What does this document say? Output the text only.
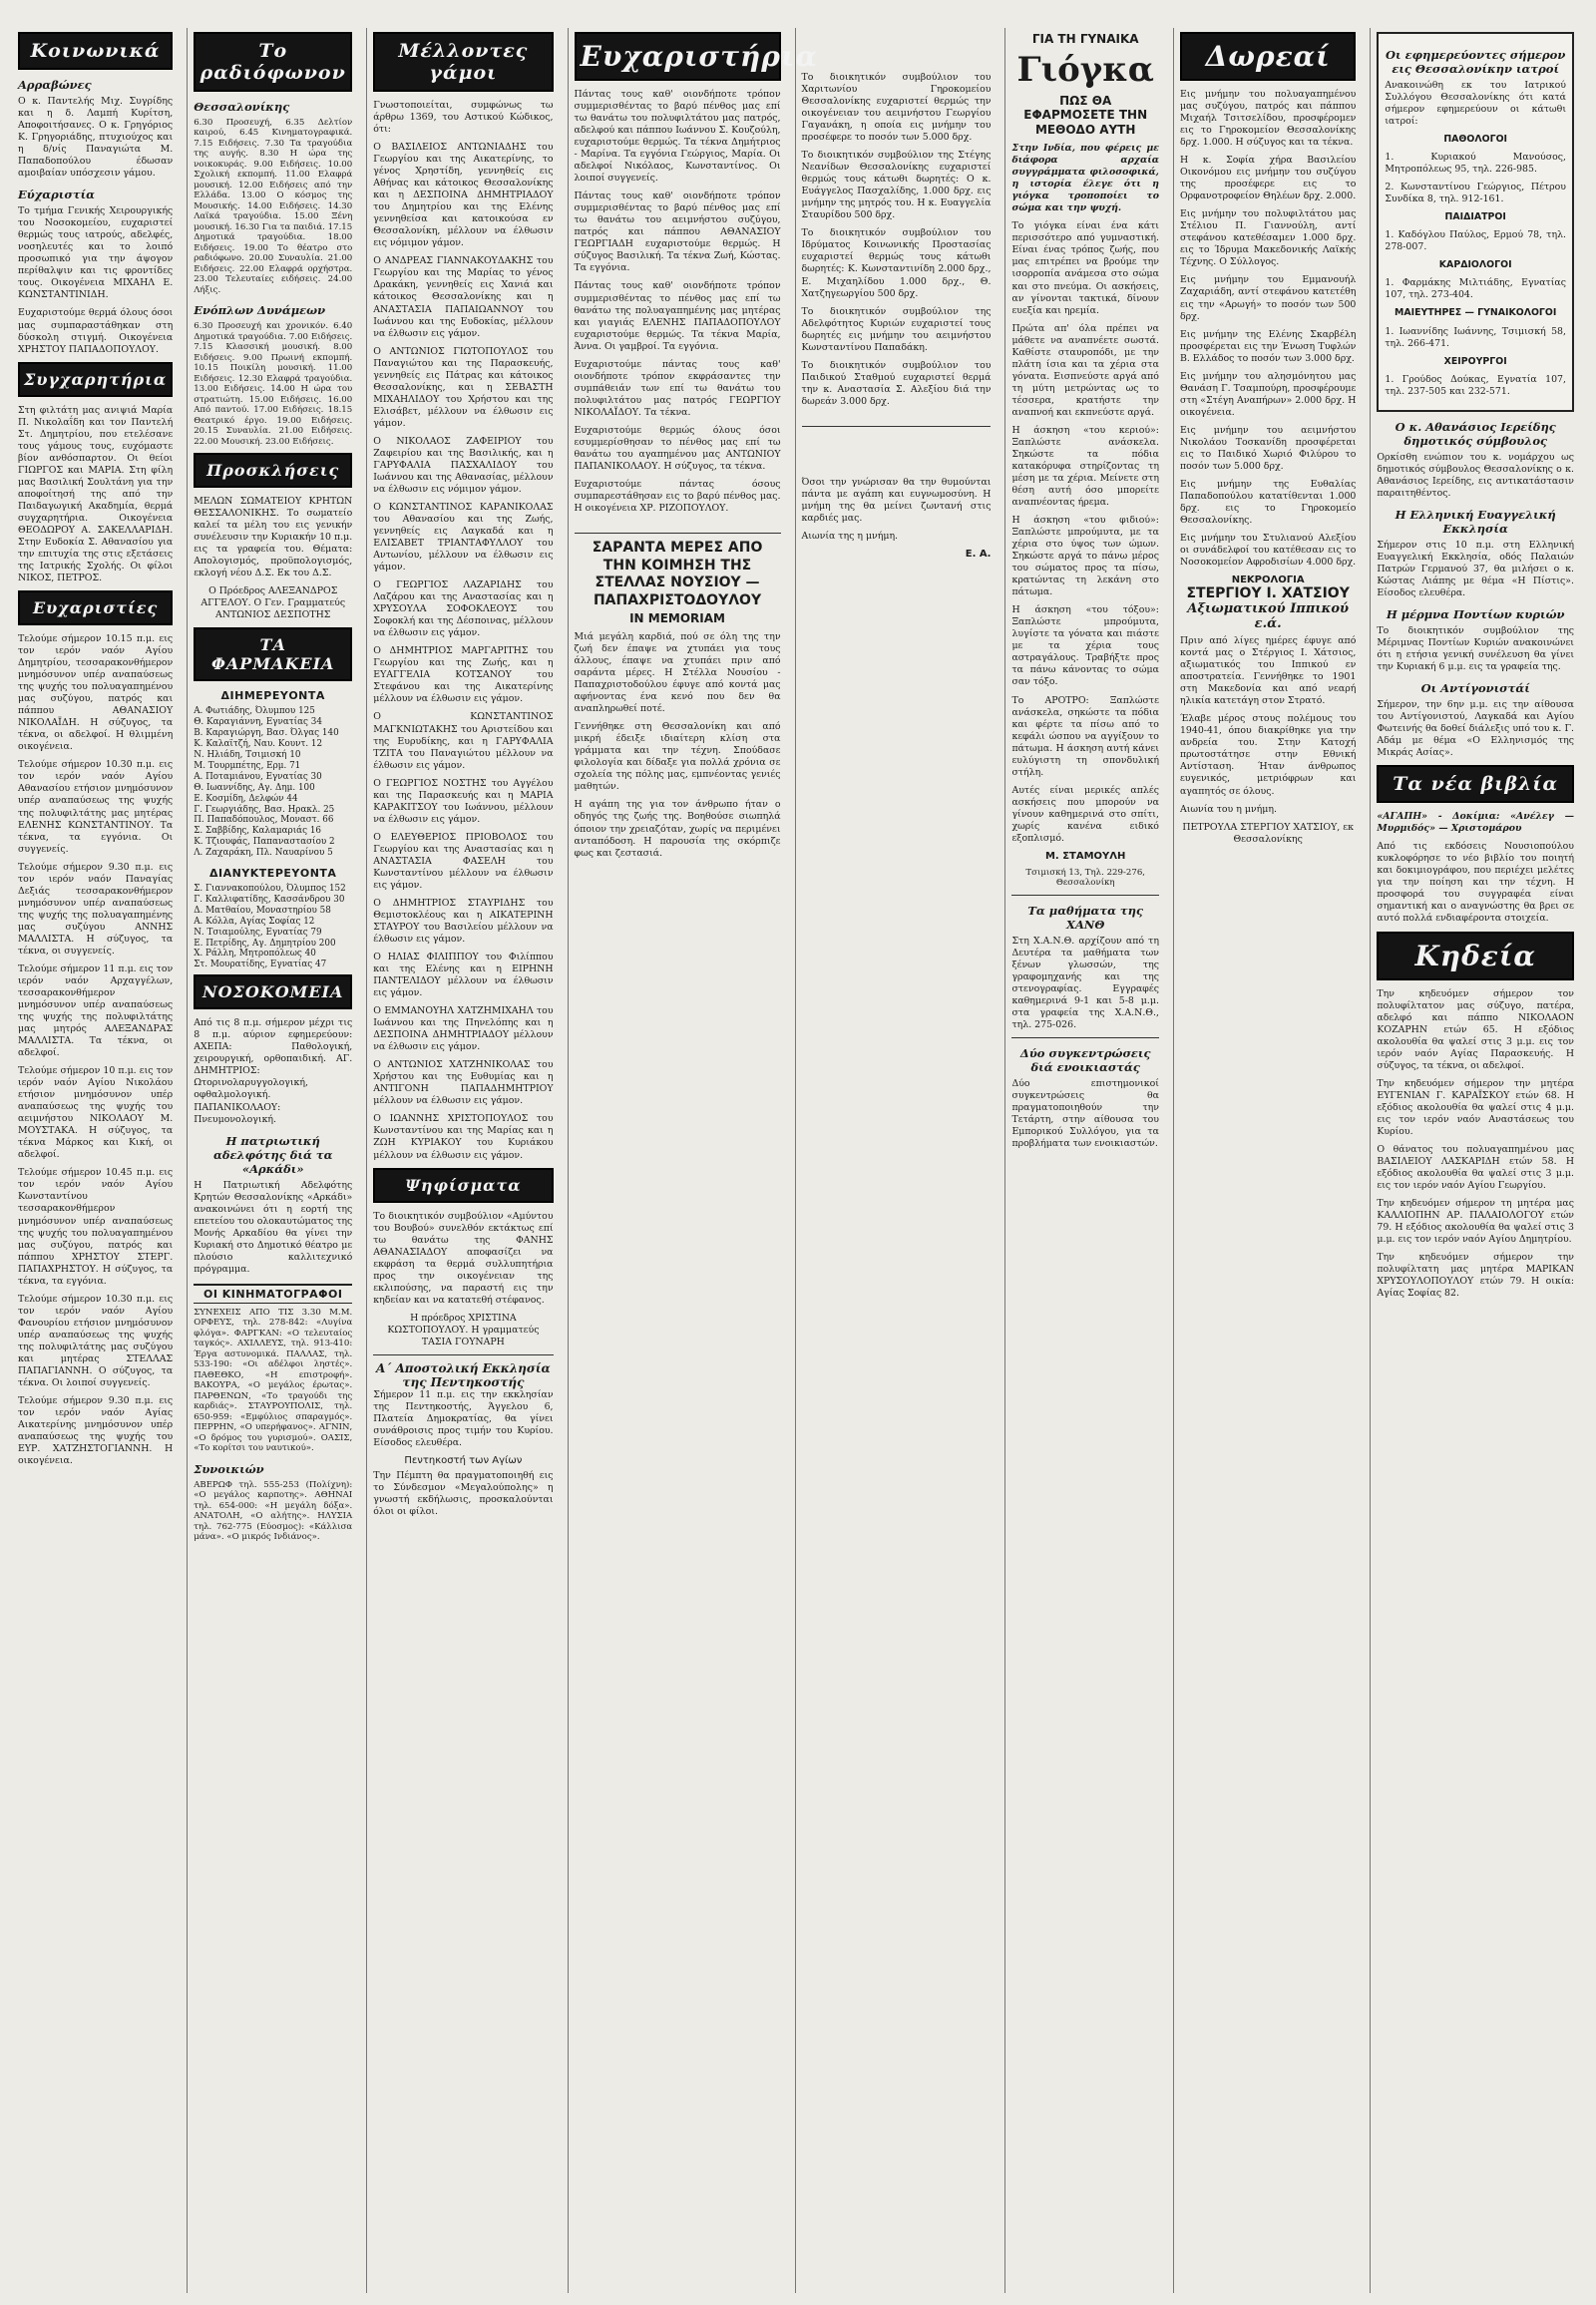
Κοινωνικά
Αρραβώνες

Ο κ. Παντελής Μιχ. Συγρίδης και η δ. Λαμπή Κυρίτση, Αποφοιτήσανες. Ο κ. Γρηγόριος Κ. Γρηγοριάδης, πτυχιούχος και η δ/νίς Παναγιώτα Μ. Παπαδοπούλου έδωσαν αμοιβαίαν υπόσχεσιν γάμου.

Εύχαριστία

Το τμήμα Γενικής Χειρουργικής του Νοσοκομείου, ευχαριστεί θερμώς τους ιατρούς, αδελφές, νοσηλευτές και το λοιπό προσωπικό για την άψογον περίθαλψιν και τις φροντίδες τους. Οικογένεια ΜΙΧΑΗΛ Ε. ΚΩΝΣΤΑΝΤΙΝΙΔΗ.

Ευχαριστούμε θερμά όλους όσοι μας συμπαραστάθηκαν στη δύσκολη στιγμή. Οικογένεια ΧΡΗΣΤΟΥ ΠΑΠΑΔΟΠΟΥΛΟΥ.

Συγχαρητήρια

Στη φιλτάτη μας ανιψιά Μαρία Π. Νικολαΐδη και τον Παντελή Στ. Δημητρίου, που ετελέσανε τους γάμους τους, ευχόμαστε βίον ανθόσπαρτον. Οι θείοι ΓΙΩΡΓΟΣ και ΜΑΡΙΑ. Στη φίλη μας Βασιλική Σουλτάνη για την αποφοίτησή της από την Παιδαγωγική Ακαδημία, θερμά συγχαρητήρια. Οικογένεια ΘΕΟΔΩΡΟΥ Α. ΣΑΚΕΛΛΑΡΙΔΗ. Στην Ευδοκία Σ. Αθανασίου για την επιτυχία της στις εξετάσεις της Ιατρικής Σχολής. Οι φίλοι ΝΙΚΟΣ, ΠΕΤΡΟΣ.

Ευχαριστίες

Τελούμε σήμερον 10.15 π.μ. εις τον ιερόν ναόν Αγίου Δημητρίου, τεσσαρακονθήμερον μνημόσυνον υπέρ αναπαύσεως της ψυχής του πολυαγαπημένου μας συζύγου, πατρός και πάππου ΑΘΑΝΑΣΙΟΥ ΝΙΚΟΛΑΪΔΗ. Η σύζυγος, τα τέκνα, οι αδελφοί. Η θλιμμένη οικογένεια.

Τελούμε σήμερον 10.30 π.μ. εις τον ιερόν ναόν Αγίου Αθανασίου ετήσιον μνημόσυνον υπέρ αναπαύσεως της ψυχής της πολυφιλτάτης μας μητέρας ΕΛΕΝΗΣ ΚΩΝΣΤΑΝΤΙΝΟΥ. Τα τέκνα, τα εγγόνια. Οι συγγενείς.

Τελούμε σήμερον 9.30 π.μ. εις τον ιερόν ναόν Παναγίας Δεξιάς τεσσαρακονθήμερον μνημόσυνον υπέρ αναπαύσεως της ψυχής της πολυαγαπημένης μας συζύγου ΑΝΝΗΣ ΜΑΛΛΙΣΤΑ. Η σύζυγος, τα τέκνα, οι συγγενείς.

Τελούμε σήμερον 11 π.μ. εις τον ιερόν ναόν Αρχαγγέλων, τεσσαρακονθήμερον μνημόσυνον υπέρ αναπαύσεως της ψυχής της πολυφιλτάτης μας μητρός ΑΛΕΞΑΝΔΡΑΣ ΜΑΛΛΙΣΤΑ. Τα τέκνα, οι αδελφοί.

Τελούμε σήμερον 10 π.μ. εις τον ιερόν ναόν Αγίου Νικολάου ετήσιον μνημόσυνον υπέρ αναπαύσεως της ψυχής του αειμνήστου ΝΙΚΟΛΑΟΥ Μ. ΜΟΥΣΤΑΚΑ. Η σύζυγος, τα τέκνα Μάρκος και Κική, οι αδελφοί.

Τελούμε σήμερον 10.45 π.μ. εις τον ιερόν ναόν Αγίου Κωνσταντίνου τεσσαρακονθήμερον μνημόσυνον υπέρ αναπαύσεως της ψυχής του πολυαγαπημένου μας συζύγου, πατρός και πάππου ΧΡΗΣΤΟΥ ΣΤΕΡΓ. ΠΑΠΑΧΡΗΣΤΟΥ. Η σύζυγος, τα τέκνα, τα εγγόνια.

Τελούμε σήμερον 10.30 π.μ. εις τον ιερόν ναόν Αγίου Φανουρίου ετήσιον μνημόσυνον υπέρ αναπαύσεως της ψυχής της πολυφιλτάτης μας συζύγου και μητέρας ΣΤΕΛΛΑΣ ΠΑΠΑΓΙΑΝΝΗ. Ο σύζυγος, τα τέκνα. Οι λοιποί συγγενείς.

Τελούμε σήμερον 9.30 π.μ. εις τον ιερόν ναόν Αγίας Αικατερίνης μνημόσυνον υπέρ αναπαύσεως της ψυχής του ΕΥΡ. ΧΑΤΖΗΣΤΟΓΙΑΝΝΗ. Η οικογένεια.

Το ραδιόφωνον
Θεσσαλονίκης

6.30 Προσευχή, 6.35 Δελτίον καιρού, 6.45 Κινηματογραφικά. 7.15 Ειδήσεις. 7.30 Τα τραγούδια της αυγής. 8.30 Η ώρα της νοικοκυράς. 9.00 Ειδήσεις. 10.00 Σχολική εκπομπή. 11.00 Ελαφρά μουσική. 12.00 Ειδήσεις από την Ελλάδα. 13.00 Ο κόσμος της Μουσικής. 14.00 Ειδήσεις. 14.30 Λαϊκά τραγούδια. 15.00 Ξένη μουσική. 16.30 Για τα παιδιά. 17.15 Δημοτικά τραγούδια. 18.00 Ειδήσεις. 19.00 Το θέατρο στο ραδιόφωνο. 20.00 Συναυλία. 21.00 Ειδήσεις. 22.00 Ελαφρά ορχήστρα. 23.00 Τελευταίες ειδήσεις. 24.00 Λήξις.

Ενόπλων Δυνάμεων

6.30 Προσευχή και χρονικόν. 6.40 Δημοτικά τραγούδια. 7.00 Ειδήσεις. 7.15 Κλασσική μουσική. 8.00 Ειδήσεις. 9.00 Πρωινή εκπομπή. 10.15 Ποικίλη μουσική. 11.00 Ειδήσεις. 12.30 Ελαφρά τραγούδια. 13.00 Ειδήσεις. 14.00 Η ώρα του στρατιώτη. 15.00 Ειδήσεις. 16.00 Από παντού. 17.00 Ειδήσεις. 18.15 Θεατρικό έργο. 19.00 Ειδήσεις. 20.15 Συναυλία. 21.00 Ειδήσεις. 22.00 Μουσική. 23.00 Ειδήσεις.

Προσκλήσεις

ΜΕΛΩΝ ΣΩΜΑΤΕΙΟΥ ΚΡΗΤΩΝ ΘΕΣΣΑΛΟΝΙΚΗΣ. Το σωματείο καλεί τα μέλη του εις γενικήν συνέλευσιν την Κυριακήν 10 π.μ. εις τα γραφεία του. Θέματα: Απολογισμός, προϋπολογισμός, εκλογή νέου Δ.Σ. Εκ του Δ.Σ.

Ο Πρόεδρος ΑΛΕΞΑΝΔΡΟΣ ΑΓΓΕΛΟΥ. Ο Γεν. Γραμματεύς ΑΝΤΩΝΙΟΣ ΔΕΣΠΟΤΗΣ

ΤΑ ΦΑΡΜΑΚΕΙΑ
ΔΙΗΜΕΡΕΥΟΝΤΑ

Α. Φωτιάδης, Όλυμπου 125

Θ. Καραγιάννη, Εγνατίας 34

Β. Καραγιώργη, Βασ. Όλγας 140

Κ. Καλαϊτζή, Ναυ. Κουντ. 12

Ν. Ηλιάδη, Τσιμισκή 10

Μ. Τουρμπέτης, Ερμ. 71

Α. Ποταμιάνου, Εγνατίας 30

Θ. Ιωαννίδης, Αγ. Δημ. 100

Ε. Κοσμίδη, Δελφών 44

Γ. Γεωργιάδης, Βασ. Ηρακλ. 25

Π. Παπαδόπουλος, Μοναστ. 66

Σ. Σαββίδης, Καλαμαριάς 16

Κ. Τζιουφάς, Παπαναστασίου 2

Λ. Ζαχαράκη, Πλ. Ναυαρίνου 5

ΔΙΑΝΥΚΤΕΡΕΥΟΝΤΑ

Σ. Γιαννακοπούλου, Όλυμπος 152

Γ. Καλλιφατίδης, Κασσάνδρου 30

Δ. Ματθαίου, Μοναστηρίου 58

Α. Κόλλα, Αγίας Σοφίας 12

Ν. Τσιαμούλης, Εγνατίας 79

Ε. Πετρίδης, Αγ. Δημητρίου 200

Χ. Ράλλη, Μητροπόλεως 40

Στ. Μουρατίδης, Εγνατίας 47

ΝΟΣΟΚΟΜΕΙΑ

Από τις 8 π.μ. σήμερον μέχρι τις 8 π.μ. αύριον εφημερεύουν: ΑΧΕΠΑ: Παθολογική, χειρουργική, ορθοπαιδική. ΑΓ. ΔΗΜΗΤΡΙΟΣ: Ωτορινολαρυγγολογική, οφθαλμολογική. ΠΑΠΑΝΙΚΟΛΑΟΥ: Πνευμονολογική.

Η πατριωτική αδελφότης διά τα «Αρκάδι»

Η Πατριωτική Αδελφότης Κρητών Θεσσαλονίκης «Αρκάδι» ανακοινώνει ότι η εορτή της επετείου του ολοκαυτώματος της Μονής Αρκαδίου θα γίνει την Κυριακή στο Δημοτικό θέατρο με πλούσιο καλλιτεχνικό πρόγραμμα.

ΟΙ ΚΙΝΗΜΑΤΟΓΡΑΦΟΙ

ΣΥΝΕΧΕΙΣ ΑΠΟ ΤΙΣ 3.30 Μ.Μ. ΟΡΦΕΥΣ, τηλ. 278-842: «Λυγίνα φλόγα». ΦΑΡΓΚΑΝ: «Ο τελευταίος ταγκός». ΑΧΙΛΛΕΥΣ, τηλ. 913-410: Έργα αστυνομικά. ΠΑΛΛΑΣ, τηλ. 533-190: «Οι αδέλφοι ληστές». ΠΑΘΕΘΚΟ, «Η επιστροφή». ΒΑΚΟΥΡΑ, «Ο μεγάλος έρωτας». ΠΑΡΘΕΝΩΝ, «Το τραγούδι της καρδιάς». ΣΤΑΥΡΟΥΠΟΛΙΣ, τηλ. 650-959: «Εμφύλιος σπαραγμός». ΠΕΡΡΗΝ, «Ο υπερήφανος». ΑΓΝΙΝ, «Ο δρόμος του γυρισμού». ΟΑΣΙΣ, «Το κορίτσι του ναυτικού».

Συνοικιών

ΑΒΕΡΩΦ τηλ. 555-253 (Πολίχνη): «Ο μεγάλος καρποτης». ΑΘΗΝΑΙ τηλ. 654-000: «Η μεγάλη δόξα». ΑΝΑΤΟΛΗ, «Ο αλήτης». ΗΛΥΣΙΑ τηλ. 762-775 (Εύοσμος): «Κάλλισα μάνα». «Ο μικρός Ινδιάνος».

Μέλλοντες γάμοι

Γνωστοποιείται, συμφώνως τω άρθρω 1369, του Αστικού Κώδικος, ότι:

Ο ΒΑΣΙΛΕΙΟΣ ΑΝΤΩΝΙΑΔΗΣ του Γεωργίου και της Αικατερίνης, το γένος Χρηστίδη, γεννηθείς εις Αθήνας και κάτοικος Θεσσαλονίκης και η ΔΕΣΠΟΙΝΑ ΔΗΜΗΤΡΙΑΔΟΥ του Δημητρίου και της Ελένης γεννηθείσα και κατοικούσα εν Θεσσαλονίκη, μέλλουν να έλθωσιν εις νόμιμον γάμον.

Ο ΑΝΔΡΕΑΣ ΓΙΑΝΝΑΚΟΥΔΑΚΗΣ του Γεωργίου και της Μαρίας το γένος Δρακάκη, γεννηθείς εις Χανιά και κάτοικος Θεσσαλονίκης και η ΑΝΑΣΤΑΣΙΑ ΠΑΠΑΙΩΑΝΝΟΥ του Ιωάννου και της Ευδοκίας, μέλλουν να έλθωσιν εις γάμον.

Ο ΑΝΤΩΝΙΟΣ ΓΙΩΤΟΠΟΥΛΟΣ του Παναγιώτου και της Παρασκευής, γεννηθείς εις Πάτρας και κάτοικος Θεσσαλονίκης, και η ΣΕΒΑΣΤΗ ΜΙΧΑΗΛΙΔΟΥ του Χρήστου και της Ελισάβετ, μέλλουν να έλθωσιν εις γάμον.

Ο ΝΙΚΟΛΑΟΣ ΖΑΦΕΙΡΙΟΥ του Ζαφειρίου και της Βασιλικής, και η ΓΑΡΥΦΑΛΙΑ ΠΑΣΧΑΛΙΔΟΥ του Ιωάννου και της Αθανασίας, μέλλουν να έλθωσιν εις νόμιμον γάμον.

Ο ΚΩΝΣΤΑΝΤΙΝΟΣ ΚΑΡΑΝΙΚΟΛΑΣ του Αθανασίου και της Ζωής, γεννηθείς εις Λαγκαδά και η ΕΛΙΣΑΒΕΤ ΤΡΙΑΝΤΑΦΥΛΛΟΥ του Αντωνίου, μέλλουν να έλθωσιν εις γάμον.

Ο ΓΕΩΡΓΙΟΣ ΛΑΖΑΡΙΔΗΣ του Λαζάρου και της Αναστασίας και η ΧΡΥΣΟΥΛΑ ΣΟΦΟΚΛΕΟΥΣ του Σοφοκλή και της Δέσποινας, μέλλουν να έλθωσιν εις γάμον.

Ο ΔΗΜΗΤΡΙΟΣ ΜΑΡΓΑΡΙΤΗΣ του Γεωργίου και της Ζωής, και η ΕΥΑΓΓΕΛΙΑ ΚΟΤΣΑΝΟΥ του Στεφάνου και της Αικατερίνης μέλλουν να έλθωσιν εις γάμον.

Ο ΚΩΝΣΤΑΝΤΙΝΟΣ ΜΑΓΚΝΙΩΤΑΚΗΣ του Αριστείδου και της Ευρυδίκης, και η ΓΑΡΥΦΑΛΙΑ ΤΖΙΤΑ του Παναγιώτου μέλλουν να έλθωσιν εις γάμον.

Ο ΓΕΩΡΓΙΟΣ ΝΟΣΤΗΣ του Αγγέλου και της Παρασκευής και η ΜΑΡΙΑ ΚΑΡΑΚΙΤΣΟΥ του Ιωάννου, μέλλουν να έλθωσιν εις γάμον.

Ο ΕΛΕΥΘΕΡΙΟΣ ΠΡΙΟΒΟΛΟΣ του Γεωργίου και της Αναστασίας και η ΑΝΑΣΤΑΣΙΑ ΦΑΣΕΛΗ του Κωνσταντίνου μέλλουν να έλθωσιν εις γάμον.

Ο ΔΗΜΗΤΡΙΟΣ ΣΤΑΥΡΙΔΗΣ του Θεμιστοκλέους και η ΑΙΚΑΤΕΡΙΝΗ ΣΤΑΥΡΟΥ του Βασιλείου μέλλουν να έλθωσιν εις γάμον.

Ο ΗΛΙΑΣ ΦΙΛΙΠΠΟΥ του Φιλίππου και της Ελένης και η ΕΙΡΗΝΗ ΠΑΝΤΕΛΙΔΟΥ μέλλουν να έλθωσιν εις γάμον.

Ο ΕΜΜΑΝΟΥΗΛ ΧΑΤΖΗΜΙΧΑΗΛ του Ιωάννου και της Πηνελόπης και η ΔΕΣΠΟΙΝΑ ΔΗΜΗΤΡΙΑΔΟΥ μέλλουν να έλθωσιν εις γάμον.

Ο ΑΝΤΩΝΙΟΣ ΧΑΤΖΗΝΙΚΟΛΑΣ του Χρήστου και της Ευθυμίας και η ΑΝΤΙΓΟΝΗ ΠΑΠΑΔΗΜΗΤΡΙΟΥ μέλλουν να έλθωσιν εις γάμον.

Ο ΙΩΑΝΝΗΣ ΧΡΙΣΤΟΠΟΥΛΟΣ του Κωνσταντίνου και της Μαρίας και η ΖΩΗ ΚΥΡΙΑΚΟΥ του Κυριάκου μέλλουν να έλθωσιν εις γάμον.

Ψηφίσματα

Το διοικητικόν συμβούλιον «Αμύντου του Βουβού» συνελθόν εκτάκτως επί τω θανάτω της ΦΑΝΗΣ ΑΘΑΝΑΣΙΑΔΟΥ αποφασίζει να εκφράση τα θερμά συλλυπητήρια προς την οικογένειαν της εκλιπούσης, να παραστή εις την κηδείαν και να κατατεθή στέφανος.

Η πρόεδρος ΧΡΙΣΤΙΝΑ ΚΩΣΤΟΠΟΥΛΟΥ. Η γραμματεύς ΤΑΣΙΑ ΓΟΥΝΑΡΗ

Α΄ Αποστολική Εκκλησία της Πεντηκοστής

Σήμερον 11 π.μ. εις την εκκλησίαν της Πεντηκοστής, Άγγελου 6, Πλατεία Δημοκρατίας, θα γίνει συνάθροισις προς τιμήν του Κυρίου. Είσοδος ελευθέρα.

Πεντηκοστή των Αγίων

Την Πέμπτη θα πραγματοποιηθή εις το Σύνδεσμον «Μεγαλούπολης» η γνωστή εκδήλωσις, προσκαλούνται όλοι οι φίλοι.

Ευχαριστήρια

Πάντας τους καθ' οιονδήποτε τρόπον συμμερισθέντας το βαρύ πένθος μας επί τω θανάτω του πολυφιλτάτου μας πατρός, αδελφού και πάππου Ιωάννου Σ. Κουζούλη, ευχαριστούμε θερμώς. Τα τέκνα Δημήτριος - Μαρίνα. Τα εγγόνια Γεώργιος, Μαρία. Οι αδελφοί Νικόλαος, Κωνσταντίνος. Οι λοιποί συγγενείς.

Πάντας τους καθ' οιονδήποτε τρόπον συμμερισθέντας το βαρύ πένθος μας επί τω θανάτω του αειμνήστου συζύγου, πατρός και πάππου ΑΘΑΝΑΣΙΟΥ ΓΕΩΡΓΙΑΔΗ ευχαριστούμε θερμώς. Η σύζυγος Βασιλική. Τα τέκνα Ζωή, Κώστας. Τα εγγόνια.

Πάντας τους καθ' οιονδήποτε τρόπον συμμερισθέντας το πένθος μας επί τω θανάτω της πολυαγαπημένης μας μητέρας και γιαγιάς ΕΛΕΝΗΣ ΠΑΠΑΔΟΠΟΥΛΟΥ ευχαριστούμε θερμώς. Τα τέκνα Μαρία, Άννα. Οι γαμβροί. Τα εγγόνια.

Ευχαριστούμε πάντας τους καθ' οιονδήποτε τρόπον εκφράσαντες την συμπάθειάν των επί τω θανάτω του πολυφιλτάτου μας πατρός ΓΕΩΡΓΙΟΥ ΝΙΚΟΛΑΪΔΟΥ. Τα τέκνα.

Ευχαριστούμε θερμώς όλους όσοι εσυμμερίσθησαν το πένθος μας επί τω θανάτω του αγαπημένου μας ΑΝΤΩΝΙΟΥ ΠΑΠΑΝΙΚΟΛΑΟΥ. Η σύζυγος, τα τέκνα.

Ευχαριστούμε πάντας όσους συμπαρεστάθησαν εις το βαρύ πένθος μας. Η οικογένεια ΧΡ. ΡΙΖΟΠΟΥΛΟΥ.

ΣΑΡΑΝΤΑ ΜΕΡΕΣ ΑΠΟ ΤΗΝ ΚΟΙΜΗΣΗ ΤΗΣ ΣΤΕΛΛΑΣ ΝΟΥΣΙΟΥ — ΠΑΠΑΧΡΙΣΤΟΔΟΥΛΟΥ
IN MEMORIAM

Μιά μεγάλη καρδιά, πού σε όλη της την ζωή δεν έπαψε να χτυπάει για τους άλλους, έπαψε να χτυπάει πριν από σαράντα μέρες. Η Στέλλα Νουσίου - Παπαχριστοδούλου έφυγε από κοντά μας αφήνοντας ένα κενό που δεν θα αναπληρωθεί ποτέ.

Γεννήθηκε στη Θεσσαλονίκη και από μικρή έδειξε ιδιαίτερη κλίση στα γράμματα και την τέχνη. Σπούδασε φιλολογία και δίδαξε για πολλά χρόνια σε σχολεία της πόλης μας, εμπνέοντας γενιές μαθητών.

Η αγάπη της για τον άνθρωπο ήταν ο οδηγός της ζωής της. Βοηθούσε σιωπηλά όποιον την χρειαζόταν, χωρίς να περιμένει ανταπόδοση. Η παρουσία της σκόρπιζε φως και ζεστασιά.

Το διοικητικόν συμβούλιον του Χαριτωνίου Γηροκομείου Θεσσαλονίκης ευχαριστεί θερμώς την οικογένειαν του αειμνήστου Γεωργίου Γαγανάκη, η οποία εις μνήμην του προσέφερε το ποσόν των 5.000 δρχ.

Το διοικητικόν συμβούλιον της Στέγης Νεανίδων Θεσσαλονίκης ευχαριστεί θερμώς τους κάτωθι δωρητές: Ο κ. Ευάγγελος Πασχαλίδης, 1.000 δρχ. εις μνήμην της μητρός του. Η κ. Ευαγγελία Σταυρίδου 500 δρχ.

Το διοικητικόν συμβούλιον του Ιδρύματος Κοινωνικής Προστασίας ευχαριστεί θερμώς τους κάτωθι δωρητές: Κ. Κωνσταντινίδη 2.000 δρχ., Ε. Μιχαηλίδου 1.000 δρχ., Θ. Χατζηγεωργίου 500 δρχ.

Το διοικητικόν συμβούλιον της Αδελφότητος Κυριών ευχαριστεί τους δωρητές εις μνήμην του αειμνήστου Κωνσταντίνου Παπαδάκη.

Το διοικητικόν συμβούλιον του Παιδικού Σταθμού ευχαριστεί θερμά την κ. Αναστασία Σ. Αλεξίου διά την δωρεάν 3.000 δρχ.

Όσοι την γνώρισαν θα την θυμούνται πάντα με αγάπη και ευγνωμοσύνη. Η μνήμη της θα μείνει ζωντανή στις καρδιές μας.

Αιωνία της η μνήμη.

Ε. Α.
ΓΙΑ ΤΗ ΓΥΝΑΙΚΑ
Γιόγκα
ΠΩΣ ΘΑ ΕΦΑΡΜΟΣΕΤΕ ΤΗΝ ΜΕΘΟΔΟ ΑΥΤΗ

Στην Ινδία, που φέρεις με διάφορα αρχαία συγγράμματα φιλοσοφικά, η ιστορία έλεγε ότι η γιόγκα τροποποίει το σώμα και την ψυχή.

Το γιόγκα είναι ένα κάτι περισσότερο από γυμναστική. Είναι ένας τρόπος ζωής, που μας επιτρέπει να βρούμε την ισορροπία ανάμεσα στο σώμα και στο πνεύμα. Οι ασκήσεις, αν γίνονται τακτικά, δίνουν ευεξία και ηρεμία.

Πρώτα απ' όλα πρέπει να μάθετε να αναπνέετε σωστά. Καθίστε σταυροπόδι, με την πλάτη ίσια και τα χέρια στα γόνατα. Εισπνεύστε αργά από τη μύτη μετρώντας ως το τέσσερα, κρατήστε την αναπνοή και εκπνεύστε αργά.

Η άσκηση «του κεριού»: Ξαπλώστε ανάσκελα. Σηκώστε τα πόδια κατακόρυφα στηρίζοντας τη μέση με τα χέρια. Μείνετε στη θέση αυτή όσο μπορείτε αναπνέοντας ήρεμα.

Η άσκηση «του φιδιού»: Ξαπλώστε μπρούμυτα, με τα χέρια στο ύψος των ώμων. Σηκώστε αργά το πάνω μέρος του σώματος προς τα πίσω, κρατώντας τη λεκάνη στο πάτωμα.

Η άσκηση «του τόξου»: Ξαπλώστε μπρούμυτα, λυγίστε τα γόνατα και πιάστε με τα χέρια τους αστραγάλους. Τραβήξτε προς τα πάνω κάνοντας το σώμα σαν τόξο.

Το ΑΡΟΤΡΟ: Ξαπλώστε ανάσκελα, σηκώστε τα πόδια και φέρτε τα πίσω από το κεφάλι ώσπου να αγγίξουν το πάτωμα. Η άσκηση αυτή κάνει ευλύγιστη τη σπονδυλική στήλη.

Αυτές είναι μερικές απλές ασκήσεις που μπορούν να γίνουν καθημερινά στο σπίτι, χωρίς κανένα ειδικό εξοπλισμό.

Μ. ΣΤΑΜΟΥΛΗ

Τσιμισκή 13, Τηλ. 229-276, Θεσσαλονίκη

Τα μαθήματα της ΧΑΝΘ

Στη Χ.Α.Ν.Θ. αρχίζουν από τη Δευτέρα τα μαθήματα των ξένων γλωσσών, της γραφομηχανής και της στενογραφίας. Εγγραφές καθημερινά 9-1 και 5-8 μ.μ. στα γραφεία της Χ.Α.Ν.Θ., τηλ. 275-026.

Δύο συγκεντρώσεις διά ενοικιαστάς

Δύο επιστημονικοί συγκεντρώσεις θα πραγματοποιηθούν την Τετάρτη, στην αίθουσα του Εμπορικού Συλλόγου, για τα προβλήματα των ενοικιαστών.

Δωρεαί

Εις μνήμην του πολυαγαπημένου μας συζύγου, πατρός και πάππου Μιχαήλ Τσιτσελίδου, προσφέρομεν εις το Γηροκομείον Θεσσαλονίκης δρχ. 1.000. Η σύζυγος και τα τέκνα.

Η κ. Σοφία χήρα Βασιλείου Οικονόμου εις μνήμην του συζύγου της προσέφερε εις το Ορφανοτροφείον Θηλέων δρχ. 2.000.

Εις μνήμην του πολυφιλτάτου μας Στέλιου Π. Γιαννούλη, αντί στεφάνου κατεθέσαμεν 1.000 δρχ. εις το Ίδρυμα Μακεδονικής Λαϊκής Τέχνης. Ο Σύλλογος.

Εις μνήμην του Εμμανουήλ Ζαχαριάδη, αντί στεφάνου κατετέθη εις την «Αρωγή» το ποσόν των 500 δρχ.

Εις μνήμην της Ελένης Σκαρβέλη προσφέρεται εις την Ένωση Τυφλών Β. Ελλάδος το ποσόν των 3.000 δρχ.

Εις μνήμην του αλησμόνητου μας Θανάση Γ. Τσαμπούρη, προσφέρουμε στη «Στέγη Αναπήρων» 2.000 δρχ. Η οικογένεια.

Εις μνήμην του αειμνήστου Νικολάου Τοσκανίδη προσφέρεται εις το Παιδικό Χωριό Φιλύρου το ποσόν των 5.000 δρχ.

Εις μνήμην της Ευθαλίας Παπαδοπούλου κατατίθενται 1.000 δρχ. εις το Γηροκομείο Θεσσαλονίκης.

Εις μνήμην του Στυλιανού Αλεξίου οι συνάδελφοί του κατέθεσαν εις το Νοσοκομείον Αφροδισίων 4.000 δρχ.

ΝΕΚΡΟΛΟΓΙΑ
ΣΤΕΡΓΙΟΥ Ι. ΧΑΤΣΙΟΥ
Αξιωματικού Ιππικού ε.ά.

Πριν από λίγες ημέρες έφυγε από κοντά μας ο Στέργιος Ι. Χάτσιος, αξιωματικός του Ιππικού εν αποστρατεία. Γεννήθηκε το 1901 στη Μακεδονία και από νεαρή ηλικία κατετάγη στον Στρατό.

Έλαβε μέρος στους πολέμους του 1940-41, όπου διακρίθηκε για την ανδρεία του. Στην Κατοχή πρωτοστάτησε στην Εθνική Αντίσταση. Ήταν άνθρωπος ευγενικός, μετριόφρων και αγαπητός σε όλους.

Αιωνία του η μνήμη.

ΠΕΤΡΟΥΛΑ ΣΤΕΡΓΙΟΥ ΧΑΤΣΙΟΥ, εκ Θεσσαλονίκης

Οι εφημερεύοντες σήμερον εις Θεσσαλονίκην ιατροί

Ανακοινώθη εκ του Ιατρικού Συλλόγου Θεσσαλονίκης ότι κατά σήμερον εφημερεύουν οι κάτωθι ιατροί:

ΠΑΘΟΛΟΓΟΙ

1. Κυριακού Μανούσος, Μητροπόλεως 95, τηλ. 226-985.

2. Κωνσταντίνου Γεώργιος, Πέτρου Συνδίκα 8, τηλ. 912-161.

ΠΑΙΔΙΑΤΡΟΙ

1. Καδόγλου Παύλος, Ερμού 78, τηλ. 278-007.

ΚΑΡΔΙΟΛΟΓΟΙ

1. Φαρμάκης Μιλτιάδης, Εγνατίας 107, τηλ. 273-404.

ΜΑΙΕΥΤΗΡΕΣ — ΓΥΝΑΙΚΟΛΟΓΟΙ

1. Ιωαννίδης Ιωάννης, Τσιμισκή 58, τηλ. 266-471.

ΧΕΙΡΟΥΡΓΟΙ

1. Γρούδος Δούκας, Εγνατία 107, τηλ. 237-505 και 232-571.

Ο κ. Αθανάσιος Ιερείδης δημοτικός σύμβουλος

Ορκίσθη ενώπιον του κ. νομάρχου ως δημοτικός σύμβουλος Θεσσαλονίκης ο κ. Αθανάσιος Ιερείδης, εις αντικατάστασιν παραιτηθέντος.

Η Ελληνική Ευαγγελική Εκκλησία

Σήμερον στις 10 π.μ. στη Ελληνική Ευαγγελική Εκκλησία, οδός Παλαιών Πατρών Γερμανού 37, θα μιλήσει ο κ. Κώστας Λιάπης με θέμα «Η Πίστις». Είσοδος ελευθέρα.

Η μέρμνα Ποντίων κυριών

Το διοικητικόν συμβούλιον της Μέριμνας Ποντίων Κυριών ανακοινώνει ότι η ετήσια γενική συνέλευση θα γίνει την Κυριακή 6 μ.μ. εις τα γραφεία της.

Οι Αντίγονιστάί

Σήμερον, την 6ην μ.μ. εις την αίθουσα του Αντίγονιστού, Λαγκαδά και Αγίου Φωτεινής θα δοθεί διάλεξις υπό του κ. Γ. Αδάμ με θέμα «Ο Ελληνισμός της Μικράς Ασίας».

Τα νέα βιβλία

«ΑΓΑΠΗ» - Δοκίμια: «Ανέλεγ — Μυρμιδός» — Χριστομάρου

Από τις εκδόσεις Νουσιοπούλου κυκλοφόρησε το νέο βιβλίο του ποιητή και δοκιμιογράφου, που περιέχει μελέτες για την ποίηση και την τέχνη. Η προσφορά του συγγραφέα είναι σημαντική και ο αναγνώστης θα βρει σε αυτό πολλά ενδιαφέροντα στοιχεία.

Κηδεία

Την κηδευόμεν σήμερον τον πολυφίλτατον μας σύζυγο, πατέρα, αδελφό και πάππο ΝΙΚΟΛΑΟΝ ΚΟΖΑΡΗΝ ετών 65. Η εξόδιος ακολουθία θα ψαλεί στις 3 μ.μ. εις τον ιερόν ναόν Αγίας Παρασκευής. Η σύζυγος, τα τέκνα, οι αδελφοί.

Την κηδευόμεν σήμερον την μητέρα ΕΥΓΕΝΙΑΝ Γ. ΚΑΡΑΪΣΚΟΥ ετών 68. Η εξόδιος ακολουθία θα ψαλεί στις 4 μ.μ. εις τον ιερόν ναόν Αναστάσεως του Κυρίου.

Ο θάνατος του πολυαγαπημένου μας ΒΑΣΙΛΕΙΟΥ ΛΑΣΚΑΡΙΔΗ ετών 58. Η εξόδιος ακολουθία θα ψαλεί στις 3 μ.μ. εις τον ιερόν ναόν Αγίου Γεωργίου.

Την κηδευόμεν σήμερον τη μητέρα μας ΚΑΛΛΙΟΠΗΝ ΑΡ. ΠΑΛΑΙΟΛΟΓΟΥ ετών 79. Η εξόδιος ακολουθία θα ψαλεί στις 3 μ.μ. εις τον ιερόν ναόν Αγίου Δημητρίου.

Την κηδευόμεν σήμερον την πολυφίλτατη μας μητέρα ΜΑΡΙΚΑΝ ΧΡΥΣΟΥΛΟΠΟΥΛΟΥ ετών 79. Η οικία: Αγίας Σοφίας 82.
